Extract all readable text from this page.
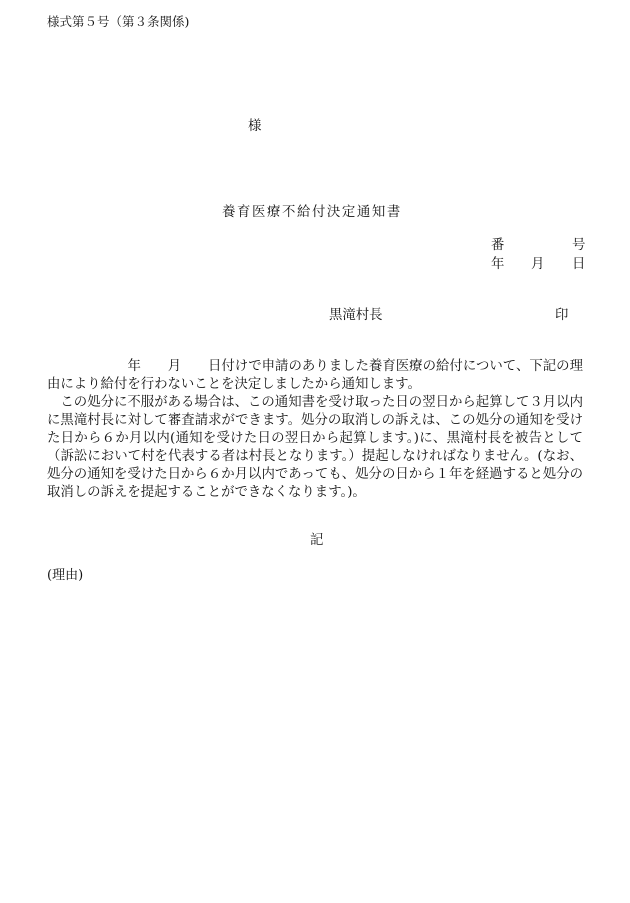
様式第５号（第３条関係)
様
養育医療不給付決定通知書
番	号
年 月 日
黒滝村長	印
　　　　　　年　　月　　日付けで申請のありました養育医療の給付について、下記の理
由により給付を行わないことを決定しましたから通知します。
　この処分に不服がある場合は、この通知書を受け取った日の翌日から起算して３月以内
に黒滝村長に対して審査請求ができます。処分の取消しの訴えは、この処分の通知を受け
た日から６か月以内(通知を受けた日の翌日から起算します。)に、黒滝村長を被告として
（訴訟において村を代表する者は村長となります。）提起しなければなりません。(なお、
処分の通知を受けた日から６か月以内であっても、処分の日から１年を経過すると処分の
取消しの訴えを提起することができなくなります。)。
記
(理由)
